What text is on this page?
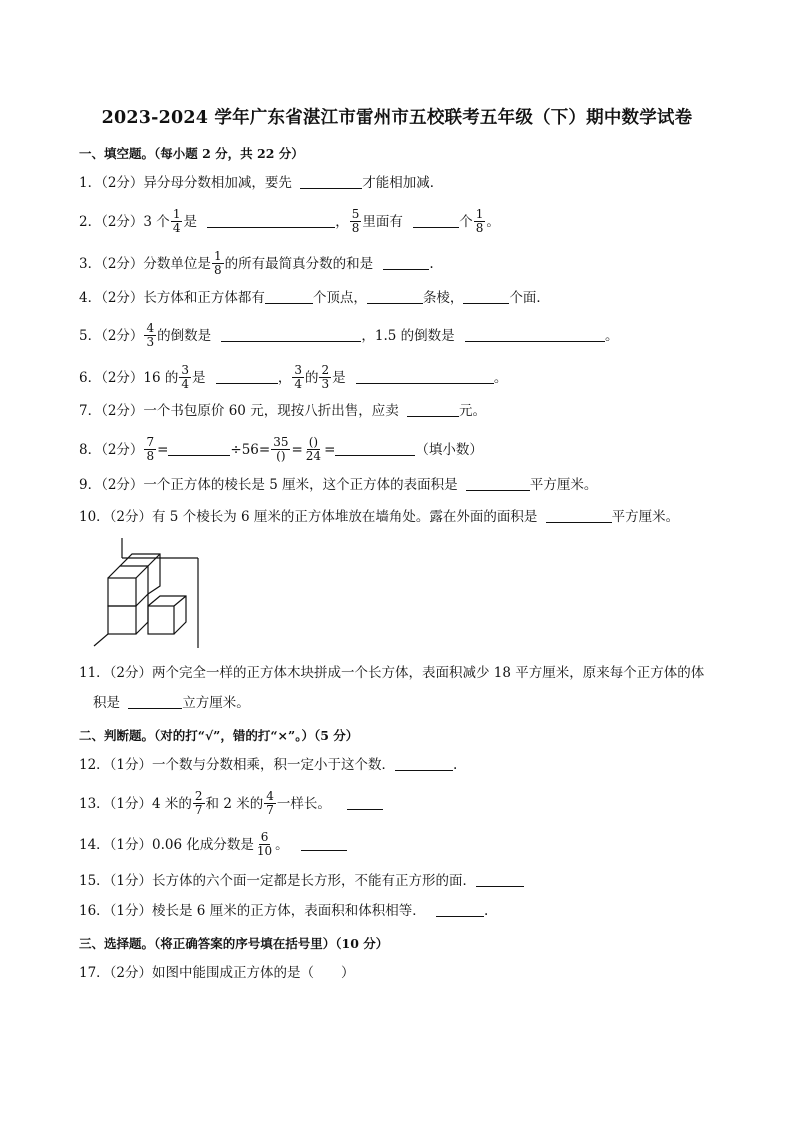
2023-2024 学年广东省湛江市雷州市五校联考五年级（下）期中数学试卷
一、填空题。（每小题 2 分，共 22 分）
1．（2分）异分母分数相加减，要先	才能相加减．
2．（2分）3 个 $\frac{1}{4}$ 是	， $\frac{5}{8}$ 里面有	个 $\frac{1}{8}$ 。
3．（2分）分数单位是 $\frac{1}{8}$ 的所有最简真分数的和是	.
4．（2分）长方体和正方体都有	个顶点，	条棱，	个面．
5．（2分） $\frac{4}{3}$ 的倒数是	，1.5 的倒数是	。
6．（2分）16 的 $\frac{3}{4}$ 是	， $\frac{3}{4}$ 的 $\frac{2}{3}$ 是	。
7．（2分）一个书包原价 60 元，现按八折出售，应卖	元。
8．（2分） $\frac{7}{8}$ =	$\div 56= \frac{35}{()} = \frac{()}{24}$ =	（填小数）
9．（2分）一个正方体的棱长是 5 厘米，这个正方体的表面积是	平方厘米。
10．（2分）有 5 个棱长为 6 厘米的正方体堆放在墙角处。露在外面的面积是	平方厘米。
11．（2分）两个完全一样的正方体木块拼成一个长方体，表面积减少 18 平方厘米，原来每个正方体的体
积是	立方厘米。
二、判断题。（对的打“√”，错的打“×”。）（5 分）
12．（1分）一个数与分数相乘，积一定小于这个数．	.
13．（1分）4 米的 $\frac{2}{7}$ 和 2 米的 $\frac{4}{7}$ 一样长。
14．（1分）0.06 化成分数是 $\frac{6}{10}$ 。
15．（1分）长方体的六个面一定都是长方形，不能有正方形的面．
16．（1分）棱长是 6 厘米的正方体，表面积和体积相等．	.
三、选择题。（将正确答案的序号填在括号里）（10 分）
17．（2分）如图中能围成正方体的是（　　）
